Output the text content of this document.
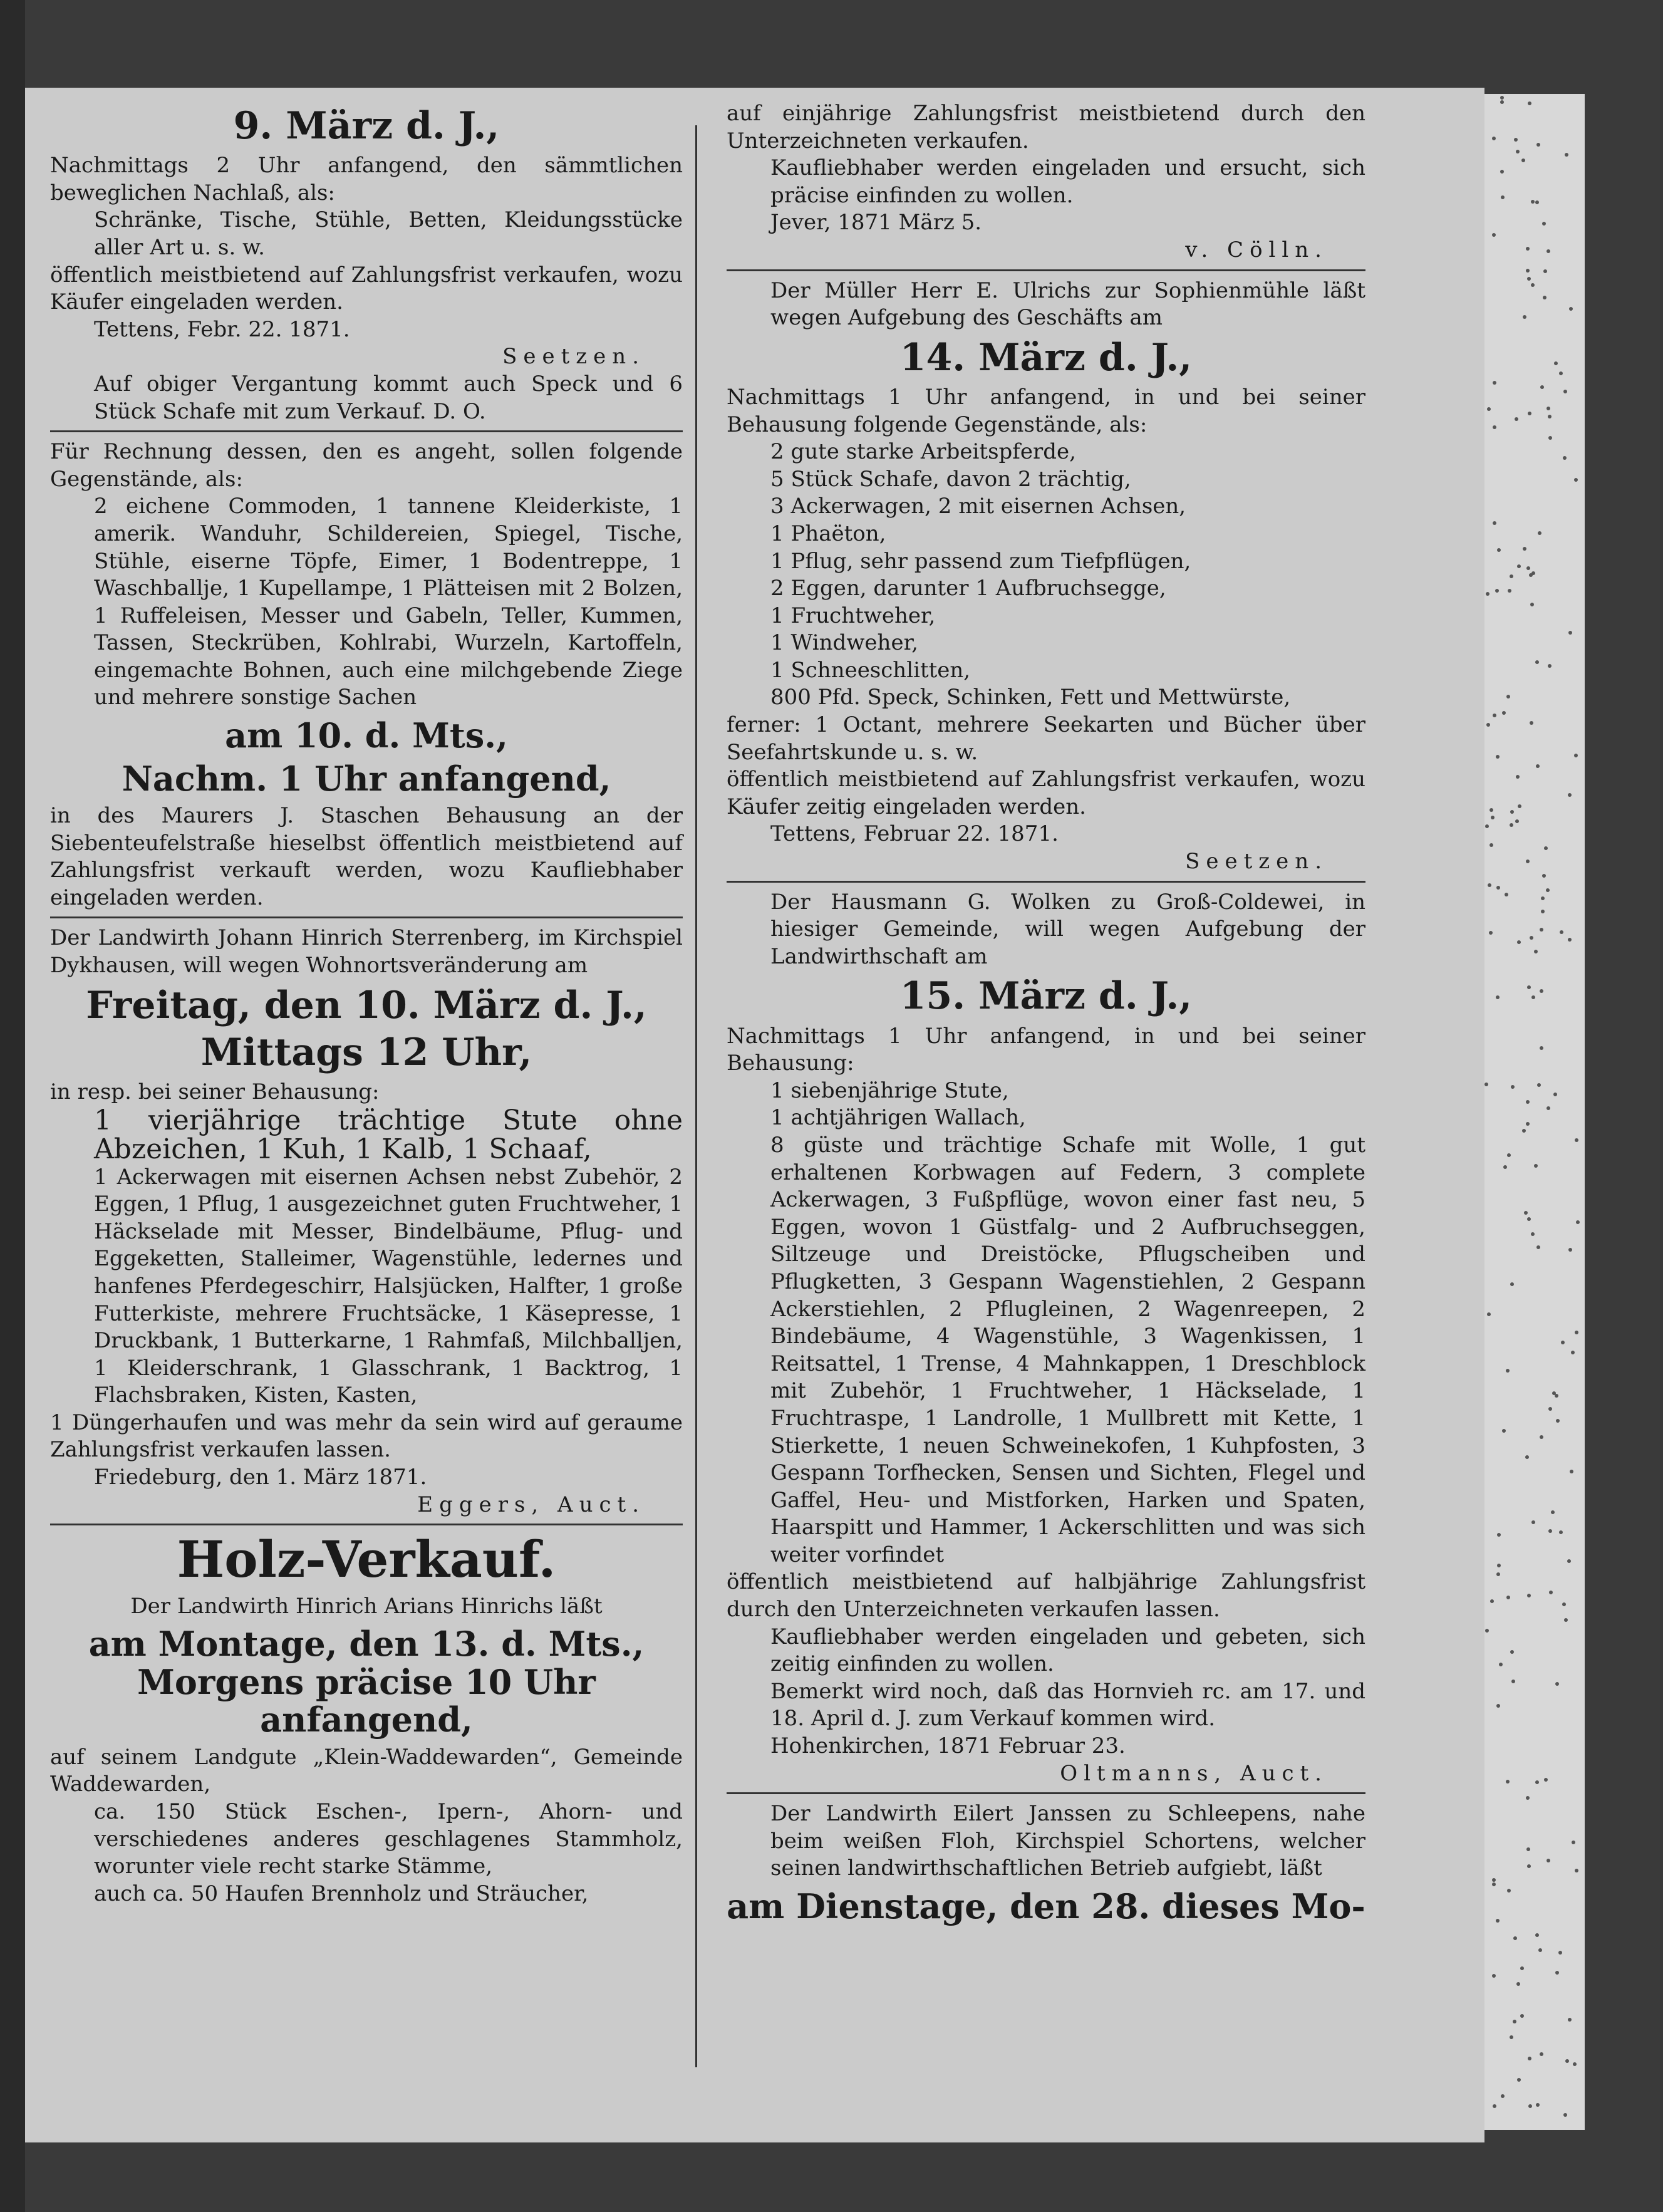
9. März d. J.,

Nachmittags 2 Uhr anfangend, den sämmtlichen beweglichen Nachlaß, als:

Schränke, Tische, Stühle, Betten, Kleidungsstücke aller Art u. s. w.

öffentlich meistbietend auf Zahlungsfrist verkaufen, wozu Käufer eingeladen werden.

Tettens, Febr. 22. 1871.

Seetzen.

Auf obiger Vergantung kommt auch Speck und 6 Stück Schafe mit zum Verkauf. D. O.

Für Rechnung dessen, den es angeht, sollen folgende Gegenstände, als:

2 eichene Commoden, 1 tannene Kleiderkiste, 1 amerik. Wanduhr, Schildereien, Spiegel, Tische, Stühle, eiserne Töpfe, Eimer, 1 Bodentreppe, 1 Waschballje, 1 Kupellampe, 1 Plätteisen mit 2 Bolzen, 1 Ruffeleisen, Messer und Gabeln, Teller, Kummen, Tassen, Steckrüben, Kohlrabi, Wurzeln, Kartoffeln, eingemachte Bohnen, auch eine milchgebende Ziege und mehrere sonstige Sachen

am 10. d. Mts.,
Nachm. 1 Uhr anfangend,

in des Maurers J. Staschen Behausung an der Siebenteufelstraße hieselbst öffentlich meistbietend auf Zahlungsfrist verkauft werden, wozu Kaufliebhaber eingeladen werden.

Der Landwirth Johann Hinrich Sterrenberg, im Kirchspiel Dykhausen, will wegen Wohnortsveränderung am

Freitag, den 10. März d. J.,
Mittags 12 Uhr,

in resp. bei seiner Behausung:

1 vierjährige trächtige Stute ohne Abzeichen, 1 Kuh, 1 Kalb, 1 Schaaf,

1 Ackerwagen mit eisernen Achsen nebst Zubehör, 2 Eggen, 1 Pflug, 1 ausgezeichnet guten Fruchtweher, 1 Häckselade mit Messer, Bindelbäume, Pflug- und Eggeketten, Stalleimer, Wagenstühle, ledernes und hanfenes Pferdegeschirr, Halsjücken, Halfter, 1 große Futterkiste, mehrere Fruchtsäcke, 1 Käsepresse, 1 Druckbank, 1 Butterkarne, 1 Rahmfaß, Milchballjen, 1 Kleiderschrank, 1 Glasschrank, 1 Backtrog, 1 Flachsbraken, Kisten, Kasten,

1 Düngerhaufen und was mehr da sein wird auf geraume Zahlungsfrist verkaufen lassen.

Friedeburg, den 1. März 1871.

Eggers, Auct.

Holz-Verkauf.

Der Landwirth Hinrich Arians Hinrichs läßt

am Montage, den 13. d. Mts., Morgens präcise 10 Uhr anfangend,

auf seinem Landgute „Klein-Waddewarden“, Gemeinde Waddewarden,

ca. 150 Stück Eschen-, Ipern-, Ahorn- und verschiedenes anderes geschlagenes Stammholz, worunter viele recht starke Stämme,

auch ca. 50 Haufen Brennholz und Sträucher,

auf einjährige Zahlungsfrist meistbietend durch den Unterzeichneten verkaufen.

Kaufliebhaber werden eingeladen und ersucht, sich präcise einfinden zu wollen.

Jever, 1871 März 5.

v. Cölln.

Der Müller Herr E. Ulrichs zur Sophienmühle läßt wegen Aufgebung des Geschäfts am

14. März d. J.,

Nachmittags 1 Uhr anfangend, in und bei seiner Behausung folgende Gegenstände, als:

2 gute starke Arbeitspferde,

5 Stück Schafe, davon 2 trächtig,

3 Ackerwagen, 2 mit eisernen Achsen,

1 Phaëton,

1 Pflug, sehr passend zum Tiefpflügen,

2 Eggen, darunter 1 Aufbruchsegge,

1 Fruchtweher,

1 Windweher,

1 Schneeschlitten,

800 Pfd. Speck, Schinken, Fett und Mettwürste,

ferner: 1 Octant, mehrere Seekarten und Bücher über Seefahrtskunde u. s. w.

öffentlich meistbietend auf Zahlungsfrist verkaufen, wozu Käufer zeitig eingeladen werden.

Tettens, Februar 22. 1871.

Seetzen.

Der Hausmann G. Wolken zu Groß-Coldewei, in hiesiger Gemeinde, will wegen Aufgebung der Landwirthschaft am

15. März d. J.,

Nachmittags 1 Uhr anfangend, in und bei seiner Behausung:

1 siebenjährige Stute,

1 achtjährigen Wallach,

8 güste und trächtige Schafe mit Wolle, 1 gut erhaltenen Korbwagen auf Federn, 3 complete Ackerwagen, 3 Fußpflüge, wovon einer fast neu, 5 Eggen, wovon 1 Güstfalg- und 2 Aufbruchseggen, Siltzeuge und Dreistöcke, Pflugscheiben und Pflugketten, 3 Gespann Wagenstiehlen, 2 Gespann Ackerstiehlen, 2 Pflugleinen, 2 Wagenreepen, 2 Bindebäume, 4 Wagenstühle, 3 Wagenkissen, 1 Reitsattel, 1 Trense, 4 Mahnkappen, 1 Dreschblock mit Zubehör, 1 Fruchtweher, 1 Häckselade, 1 Fruchtraspe, 1 Landrolle, 1 Mullbrett mit Kette, 1 Stierkette, 1 neuen Schweinekofen, 1 Kuhpfosten, 3 Gespann Torfhecken, Sensen und Sichten, Flegel und Gaffel, Heu- und Mistforken, Harken und Spaten, Haarspitt und Hammer, 1 Ackerschlitten und was sich weiter vorfindet

öffentlich meistbietend auf halbjährige Zahlungsfrist durch den Unterzeichneten verkaufen lassen.

Kaufliebhaber werden eingeladen und gebeten, sich zeitig einfinden zu wollen.

Bemerkt wird noch, daß das Hornvieh rc. am 17. und 18. April d. J. zum Verkauf kommen wird.

Hohenkirchen, 1871 Februar 23.

Oltmanns, Auct.

Der Landwirth Eilert Janssen zu Schleepens, nahe beim weißen Floh, Kirchspiel Schortens, welcher seinen landwirthschaftlichen Betrieb aufgiebt, läßt

am Dienstage, den 28. dieses Mo-
